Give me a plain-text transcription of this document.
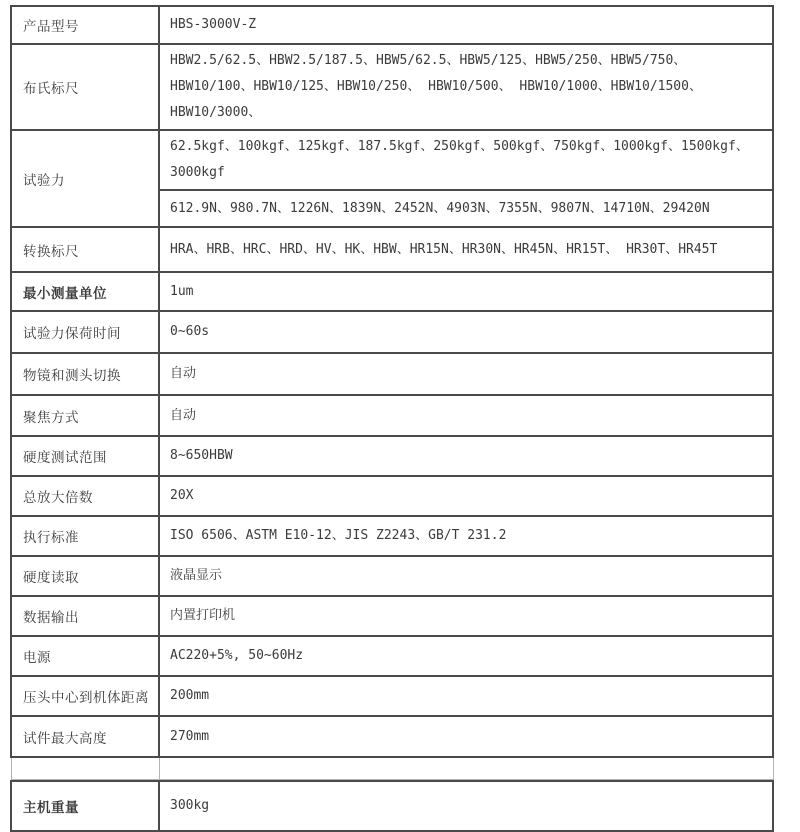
产品型号	HBS-3000V-Z
布氏标尺	HBW2.5/62.5、HBW2.5/187.5、HBW5/62.5、HBW5/125、HBW5/250、HBW5/750、HBW10/100、HBW10/125、HBW10/250、 HBW10/500、 HBW10/1000、HBW10/1500、HBW10/3000、
试验力	62.5kgf、100kgf、125kgf、187.5kgf、250kgf、500kgf、750kgf、1000kgf、1500kgf、3000kgf
	612.9N、980.7N、1226N、1839N、2452N、4903N、7355N、9807N、14710N、29420N
转换标尺	HRA、HRB、HRC、HRD、HV、HK、HBW、HR15N、HR30N、HR45N、HR15T、 HR30T、HR45T
最小测量单位	1um
试验力保荷时间	0~60s
物镜和测头切换	自动
聚焦方式	自动
硬度测试范围	8~650HBW
总放大倍数	20X
执行标准	ISO 6506、ASTM E10-12、JIS Z2243、GB/T 231.2
硬度读取	液晶显示
数据输出	内置打印机
电源	AC220+5%, 50~60Hz
压头中心到机体距离	200mm
试件最大高度	270mm

主机重量	300kg
